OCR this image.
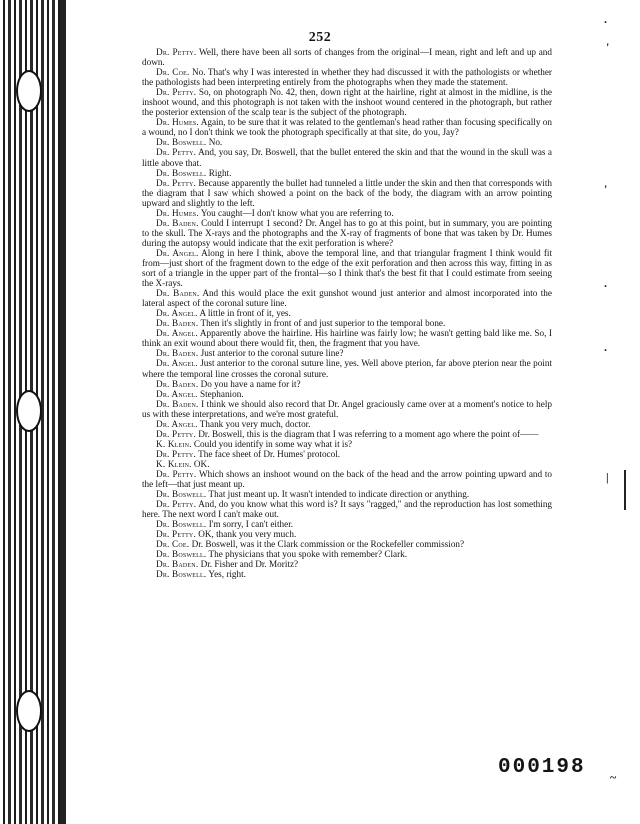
252

Dr. Petty. Well, there have been all sorts of changes from the original—I mean, right and left and up and down.

Dr. Coe. No. That's why I was interested in whether they had discussed it with the pathologists or whether the pathologists had been interpreting entirely from the photographs when they made the statement.

Dr. Petty. So, on photograph No. 42, then, down right at the hairline, right at almost in the midline, is the inshoot wound, and this photograph is not taken with the inshoot wound centered in the photograph, but rather the posterior extension of the scalp tear is the subject of the photograph.

Dr. Humes. Again, to be sure that it was related to the gentleman's head rather than focusing specifically on a wound, no I don't think we took the photograph specifically at that site, do you, Jay?

Dr. Boswell. No.

Dr. Petty. And, you say, Dr. Boswell, that the bullet entered the skin and that the wound in the skull was a little above that.

Dr. Boswell. Right.

Dr. Petty. Because apparently the bullet had tunneled a little under the skin and then that corresponds with the diagram that I saw which showed a point on the back of the body, the diagram with an arrow pointing upward and slightly to the left.

Dr. Humes. You caught—I don't know what you are referring to.

Dr. Baden. Could I interrupt 1 second? Dr. Angel has to go at this point, but in summary, you are pointing to the skull. The X-rays and the photographs and the X-ray of fragments of bone that was taken by Dr. Humes during the autopsy would indicate that the exit perforation is where?

Dr. Angel. Along in here I think, above the temporal line, and that triangular fragment I think would fit from—just short of the fragment down to the edge of the exit perforation and then across this way, fitting in as sort of a triangle in the upper part of the frontal—so I think that's the best fit that I could estimate from seeing the X-rays.

Dr. Baden. And this would place the exit gunshot wound just anterior and almost incorporated into the lateral aspect of the coronal suture line.

Dr. Angel. A little in front of it, yes.

Dr. Baden. Then it's slightly in front of and just superior to the temporal bone.

Dr. Angel. Apparently above the hairline. His hairline was fairly low; he wasn't getting bald like me. So, I think an exit wound about there would fit, then, the fragment that you have.

Dr. Baden. Just anterior to the coronal suture line?

Dr. Angel. Just anterior to the coronal suture line, yes. Well above pterion, far above pterion near the point where the temporal line crosses the coronal suture.

Dr. Baden. Do you have a name for it?

Dr. Angel. Stephanion.

Dr. Baden. I think we should also record that Dr. Angel graciously came over at a moment's notice to help us with these interpretations, and we're most grateful.

Dr. Angel. Thank you very much, doctor.

Dr. Petty. Dr. Boswell, this is the diagram that I was referring to a moment ago where the point of——

K. Klein. Could you identify in some way what it is?

Dr. Petty. The face sheet of Dr. Humes' protocol.

K. Klein. OK.

Dr. Petty. Which shows an inshoot wound on the back of the head and the arrow pointing upward and to the left—that just meant up.

Dr. Boswell. That just meant up. It wasn't intended to indicate direction or anything.

Dr. Petty. And, do you know what this word is? It says "ragged," and the reproduction has lost something here. The next word I can't make out.

Dr. Boswell. I'm sorry, I can't either.

Dr. Petty. OK, thank you very much.

Dr. Coe. Dr. Boswell, was it the Clark commission or the Rockefeller commission?

Dr. Boswell. The physicians that you spoke with remember? Clark.

Dr. Baden. Dr. Fisher and Dr. Moritz?

Dr. Boswell. Yes, right.

000198
.
'
'
.
.
|
~
